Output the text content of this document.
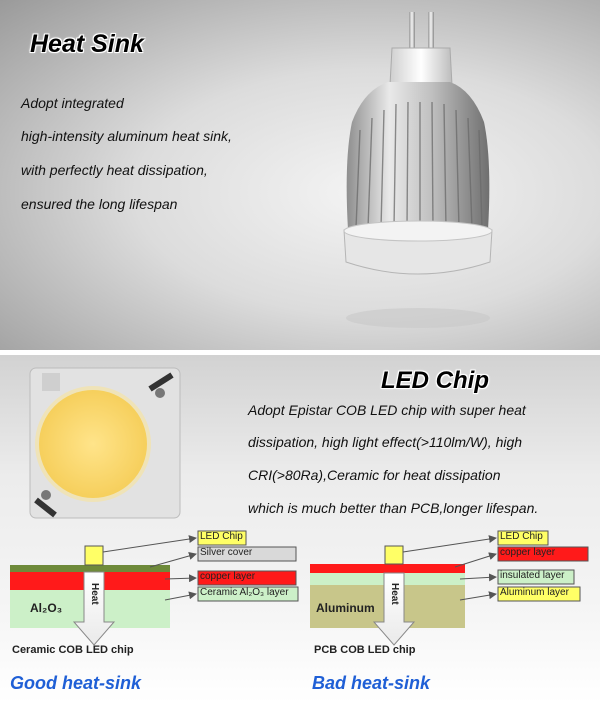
Heat Sink
Adopt integrated
high-intensity aluminum heat sink,
with perfectly heat dissipation,
ensured the long lifespan
LED Chip
Adopt Epistar COB LED chip with super heat
dissipation, high light effect(>110lm/W), high
CRI(>80Ra),Ceramic for heat dissipation
which is much better than PCB,longer lifespan.
LED Chip
Silver cover
copper layer
Ceramic Al₂O₃ layer
Al₂O₃
Heat
Ceramic COB LED chip
Good heat-sink
LED Chip
copper layer
insulated layer
Aluminum layer
Aluminum
Heat
PCB COB LED chip
Bad heat-sink
